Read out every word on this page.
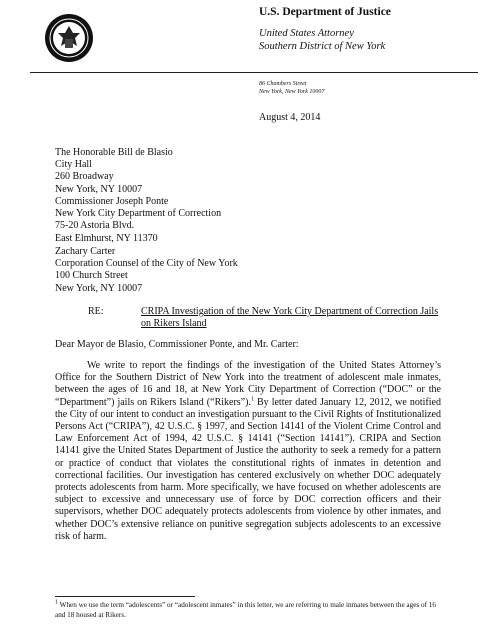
U.S. Department of Justice
United States Attorney
Southern District of New York
86 Chambers Street
New York, New York 10007
August 4, 2014
The Honorable Bill de Blasio
City Hall
260 Broadway
New York, NY 10007
Commissioner Joseph Ponte
New York City Department of Correction
75-20 Astoria Blvd.
East Elmhurst, NY 11370
Zachary Carter
Corporation Counsel of the City of New York
100 Church Street
New York, NY 10007
RE:	CRIPA Investigation of the New York City Department of Correction Jails on Rikers Island
Dear Mayor de Blasio, Commissioner Ponte, and Mr. Carter:
We write to report the findings of the investigation of the United States Attorney’s Office for the Southern District of New York into the treatment of adolescent male inmates, between the ages of 16 and 18, at New York City Department of Correction (“DOC” or the “Department”) jails on Rikers Island (“Rikers”).$^1$ By letter dated January 12, 2012, we notified the City of our intent to conduct an investigation pursuant to the Civil Rights of Institutionalized Persons Act (“CRIPA”), 42 U.S.C. § 1997, and Section 14141 of the Violent Crime Control and Law Enforcement Act of 1994, 42 U.S.C. § 14141 (“Section 14141”). CRIPA and Section 14141 give the United States Department of Justice the authority to seek a remedy for a pattern or practice of conduct that violates the constitutional rights of inmates in detention and correctional facilities. Our investigation has centered exclusively on whether DOC adequately protects adolescents from harm. More specifically, we have focused on whether adolescents are subject to excessive and unnecessary use of force by DOC correction officers and their supervisors, whether DOC adequately protects adolescents from violence by other inmates, and whether DOC’s extensive reliance on punitive segregation subjects adolescents to an excessive risk of harm.
$^1$ When we use the term “adolescents” or “adolescent inmates” in this letter, we are referring to male inmates between the ages of 16 and 18 housed at Rikers.
